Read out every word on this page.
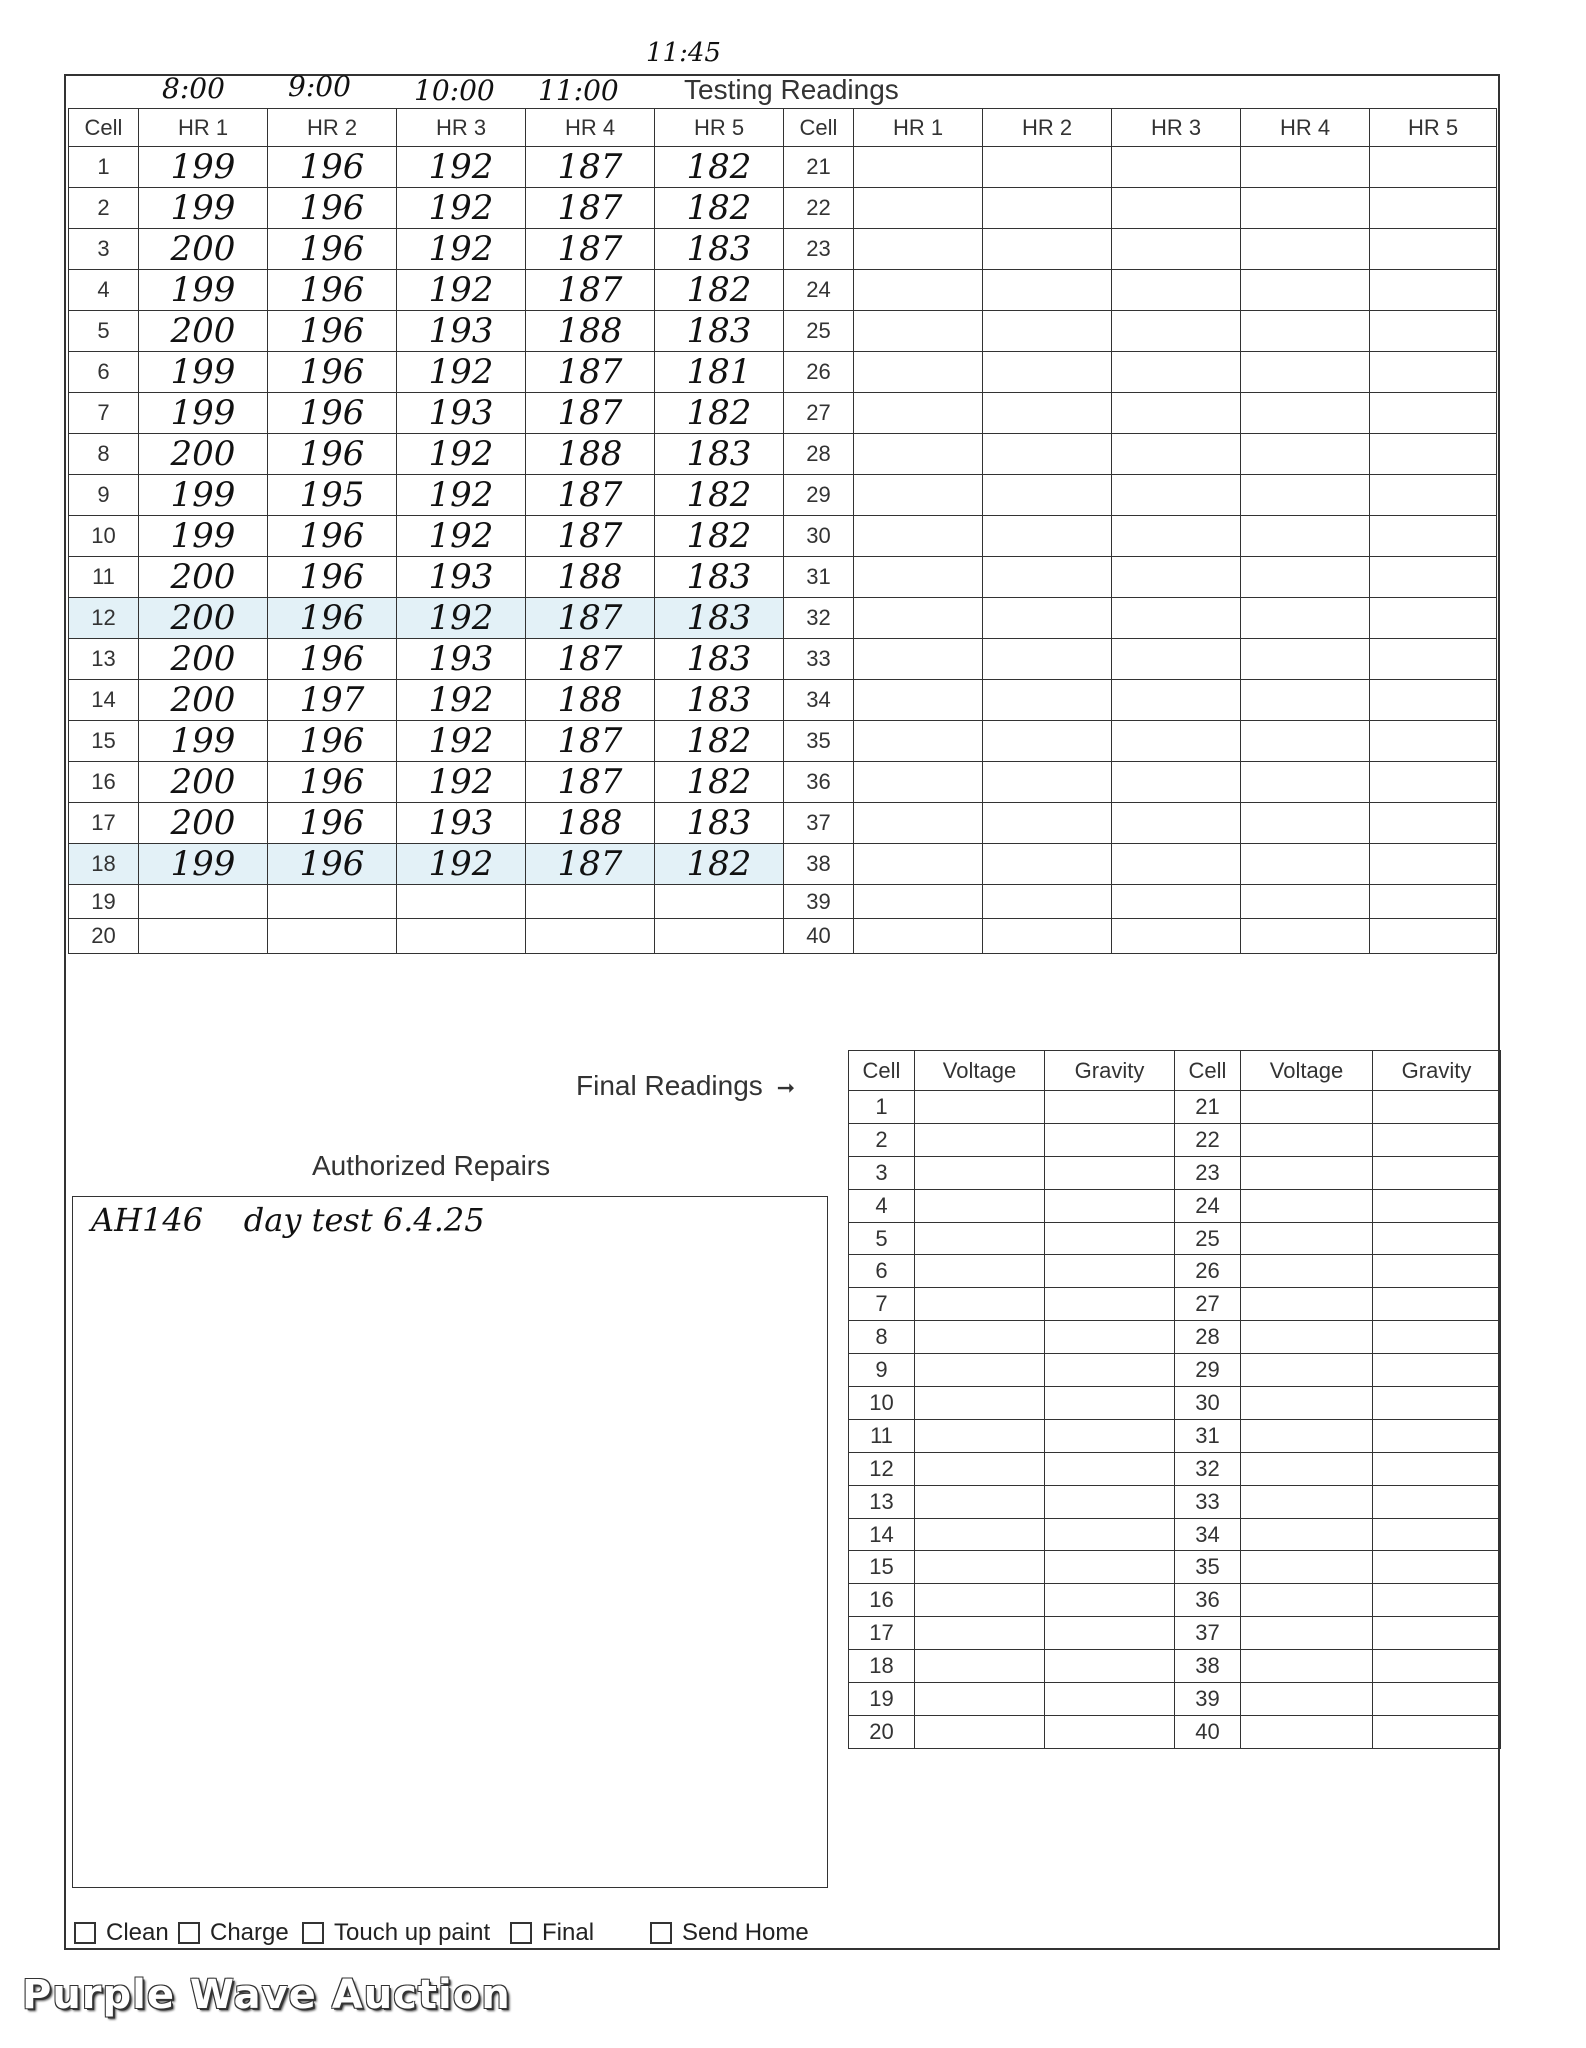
11:45
8:00 9:00 10:00 11:00 Testing Readings
Cell	HR 1	HR 2	HR 3	HR 4	HR 5	Cell	HR 1	HR 2	HR 3	HR 4	HR 5
1	199	196	192	187	182	21					
2	199	196	192	187	182	22					
3	200	196	192	187	183	23					
4	199	196	192	187	182	24					
5	200	196	193	188	183	25					
6	199	196	192	187	181	26					
7	199	196	193	187	182	27					
8	200	196	192	188	183	28					
9	199	195	192	187	182	29					
10	199	196	192	187	182	30					
11	200	196	193	188	183	31					
12	200	196	192	187	183	32					
13	200	196	193	187	183	33					
14	200	197	192	188	183	34					
15	199	196	192	187	182	35					
16	200	196	192	187	182	36					
17	200	196	193	188	183	37					
18	199	196	192	187	182	38					
19						39					
20						40					
Final Readings ➞
Cell	Voltage	Gravity	Cell	Voltage	Gravity
1			21		
2			22		
3			23		
4			24		
5			25		
6			26		
7			27		
8			28		
9			29		
10			30		
11			31		
12			32		
13			33		
14			34		
15			35		
16			36		
17			37		
18			38		
19			39		
20			40		
Authorized Repairs
AH146    day test 6.4.25
Clean Charge Touch up paint Final	Send Home
Purple Wave Auction
